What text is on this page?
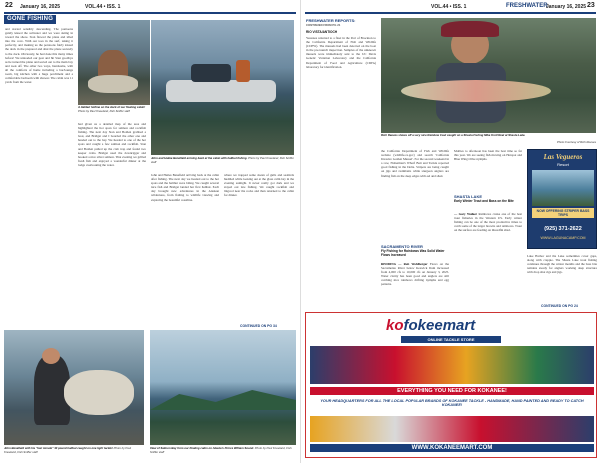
22 January 16, 2025	VOL.44 • ISS. 1
GONE FISHING
and started sensibly descending. The pontoons gently kissed the saltwater and we were skiing in toward the shore. Stan flowed the plane and idled into the cove. With our toes in the surf, taking it perfectly, and making us the pontoons fairly kissed the deck in the prepared and shut the plane securely to the dock. Obviously, he had done this many times before! We unloaded our gear and hit Stan goodbye as he turned the plane and sorted out to the main bay and took off. The other two ways, handsome, with all the comforts of home including a bar/lounge room, big kitchen with a huge perchment and a comfortable bedroom with shower. The cabin was 11 yards from the water.
had given us a detailed map of the area and highlighted the hot spots for salmon and rockfish fishing. The next day Stan and Bolden grabbed a boat, and Bridget and I boarded the other one and headed out to the bay. We headed to one of the hot spots and caught a few salmon and rockfish. Stan and Bolden pulled up the crab trap and found two keeper crabs. Bridget used the downrigger and hooked a nice silver salmon. That evening we grilled fresh fish and enjoyed a wonderful dinner at the lodge overlooking the water.
John and Hailes Benefield arriving back at the cabin after fishing. The next day we headed out to the hot spots and the halibut were biting. We caught several nice fish and Bridget landed her first halibut. Each day brought new adventures in the Alaskan wilderness, from fishing to wildlife viewing and exploring the beautiful coastline.
where we trapped some dozen of gulls and seabirds huddled while looking out at the glass calm bay in the evening sunlight. It never really got dark and we stayed out late fishing. We caught rockfish and lingcod near the rocks and then returned to the cabin for dinner.
A Halibut hotline on the dock of our floating cabin! Photo by Paul Kneeland, Fish Sniffer staff
John and Hailee Benefield arriving back at the cabin with halibut fishing. Photo by Paul Kneeland, Fish Sniffer staff
CONTINUED ON PG 34
John Benefield with his "last minute" 40 pound halibut caught on one light tackle! Photo by Paul Kneeland, Fish Sniffer staff
View of Salmon Bay from our floating cabin on Alaska's Prince William Sound. Photo by Paul Kneeland, Fish Sniffer staff
VOL.44 • ISS. 1	FRESHWATER
January 16, 2025 23
FRESHWATER REPORTS:
CONTINUED FROM PG 21
RIO VISTA/ANTIOCH
Yeasaiee returned to a fleet in the Port of Brockton to the California Department of Fish and Wildlife (CDFW). The mussels had been detected on the boat in the pre-launch inspection. Samples of the unknown mussels were immediately sent to the UC Davis Genetic Variation Laboratory and the California Department of Food and Agriculture (CDFA) laboratory for identification.
Rich Reeves shows off a very nice Rainbow trout caught on a Shasta Fishing Mike Kroll Reel at Shasta Lake.
Photo Courtesy of Rich Reeves
the California Department of Fish and Wildlife website (wildlife.ca.gov) and search 'California Invasive Golden Mussel'. For the second weekend in a row, Fisherman's Wharf Bait and Tackle reported good fishing in the Delta. Stripers are being caught on jigs and swimbaits while sturgeon anglers are finding fish on the deep edges with eel and shad.
Mollies to afternoon has been the best time so far this year. We are seeing fish moving on Hotspot and Blue Wing Olive nymphs.
SACRAMENTO RIVER
Fly Fishing for Rainbows Was Solid Water Flows Increased
REDDING — Rob Wohlberger Flows on the Sacramento River below Keswick Dam increased from 4,000 cfs to 10,000 cfs on January 3, 2025. Water clarity has been good and anglers are still catching nice rainbows drifting nymphs and egg patterns.
SHASTA LAKE
Early Winter Trout and Bass on the Bite
— Gary Walker Rainbows cruise one of the best trout fisheries in the Western US. Early winter fishing can be one of the most productive times to catch some of the larger browns and rainbows. Trout on the surface are feeding on threadfin shad.
Las Vegueros
Resort
NOW OFFERING STRIPER BASS TRIPS
(925) 371-2622
WWW.LAGUNACAMP.COM
Lake Harbor and the Lake sometimes cover gaps, along with crappie. The Shasta Lake trout fishing continues through the winter months and the bass bite remains steady for anglers working deep structure with drop shot rigs and jigs.
CONTINUED ON PG 24
kofokeemart
ONLINE TACKLE STORE
EVERYTHING YOU NEED FOR KOKANEE!
YOUR HEADQUARTERS FOR ALL THE LOCAL POPULAR BRANDS OF KOKANEE TACKLE - HANDMADE, HAND PAINTED AND READY TO CATCH KOKANEE!
WWW.KOKANEEMART.COM
